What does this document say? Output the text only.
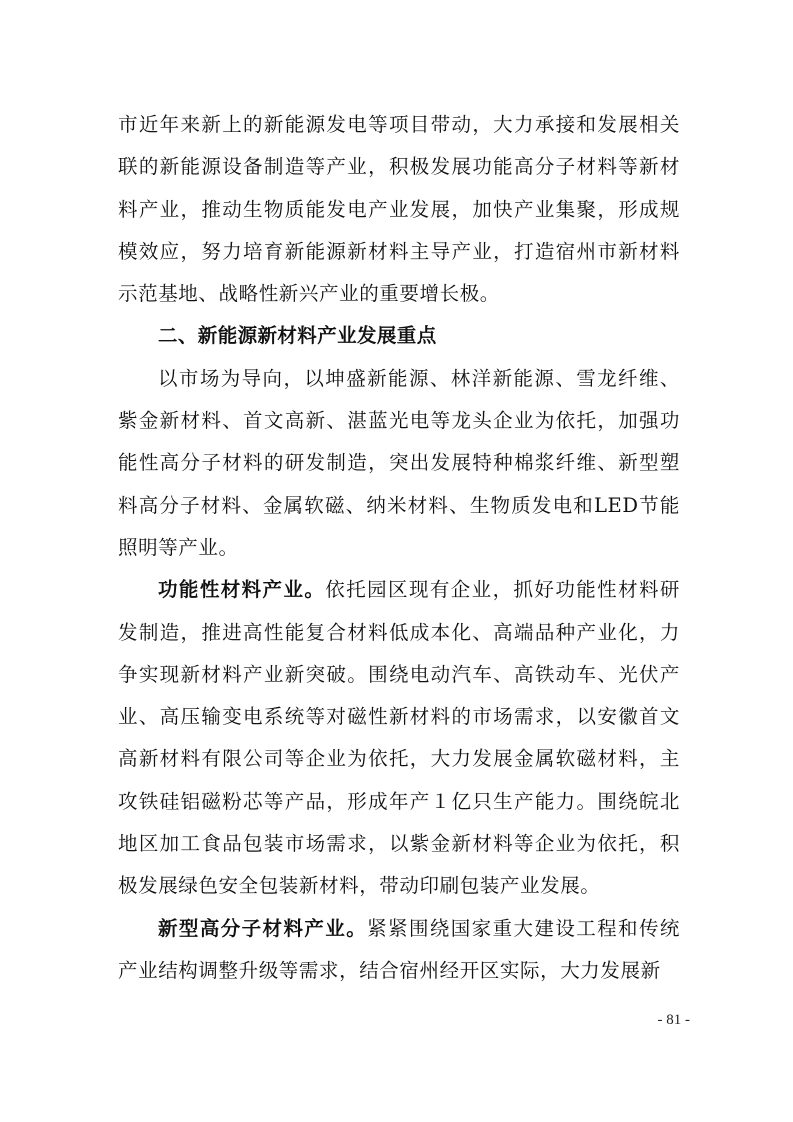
市近年来新上的新能源发电等项目带动，大力承接和发展相关联的新能源设备制造等产业，积极发展功能高分子材料等新材料产业，推动生物质能发电产业发展，加快产业集聚，形成规模效应，努力培育新能源新材料主导产业，打造宿州市新材料示范基地、战略性新兴产业的重要增长极。

二、新能源新材料产业发展重点

以市场为导向，以坤盛新能源、林洋新能源、雪龙纤维、紫金新材料、首文高新、湛蓝光电等龙头企业为依托，加强功能性高分子材料的研发制造，突出发展特种棉浆纤维、新型塑料高分子材料、金属软磁、纳米材料、生物质发电和LED节能照明等产业。

功能性材料产业。依托园区现有企业，抓好功能性材料研发制造，推进高性能复合材料低成本化、高端品种产业化，力争实现新材料产业新突破。围绕电动汽车、高铁动车、光伏产业、高压输变电系统等对磁性新材料的市场需求，以安徽首文高新材料有限公司等企业为依托，大力发展金属软磁材料，主攻铁硅铝磁粉芯等产品，形成年产１亿只生产能力。围绕皖北地区加工食品包装市场需求，以紫金新材料等企业为依托，积极发展绿色安全包装新材料，带动印刷包装产业发展。

新型高分子材料产业。紧紧围绕国家重大建设工程和传统产业结构调整升级等需求，结合宿州经开区实际，大力发展新

- 81 -
